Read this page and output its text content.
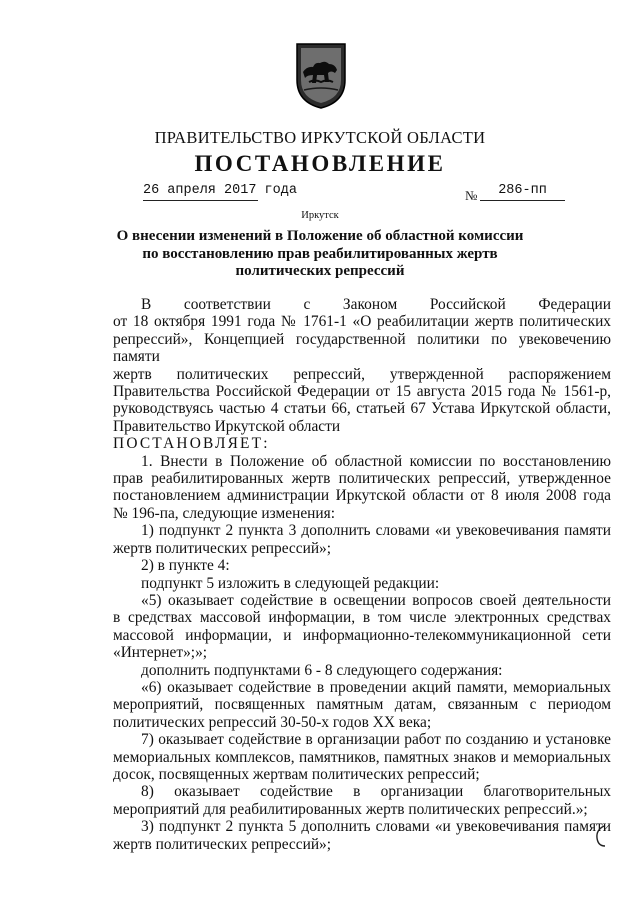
ПРАВИТЕЛЬСТВО ИРКУТСКОЙ ОБЛАСТИ
ПОСТАНОВЛЕНИЕ
26 апреля 2017 года	№	286-пп
Иркутск
О внесении изменений в Положение об областной комиссии
по восстановлению прав реабилитированных жертв
политических репрессий

В соответствии с Законом Российской Федерации

от 18 октября 1991 года № 1761-1 «О реабилитации жертв политических

репрессий», Концепцией государственной политики по увековечению памяти

жертв политических репрессий, утвержденной распоряжением

Правительства Российской Федерации от 15 августа 2015 года № 1561-р,

руководствуясь частью 4 статьи 66, статьей 67 Устава Иркутской области,

Правительство Иркутской области

ПОСТАНОВЛЯЕТ:

1. Внести в Положение об областной комиссии по восстановлению

прав реабилитированных жертв политических репрессий, утвержденное

постановлением администрации Иркутской области от 8 июля 2008 года

№ 196-па, следующие изменения:

1) подпункт 2 пункта 3 дополнить словами «и увековечивания памяти

жертв политических репрессий»;

2) в пункте 4:

подпункт 5 изложить в следующей редакции:

«5) оказывает содействие в освещении вопросов своей деятельности

в средствах массовой информации, в том числе электронных средствах

массовой информации, и информационно-телекоммуникационной сети

«Интернет»;»;

дополнить подпунктами 6 - 8 следующего содержания:

«6) оказывает содействие в проведении акций памяти, мемориальных

мероприятий, посвященных памятным датам, связанным с периодом

политических репрессий 30-50-х годов XX века;

7) оказывает содействие в организации работ по созданию и установке

мемориальных комплексов, памятников, памятных знаков и мемориальных

досок, посвященных жертвам политических репрессий;

8) оказывает содействие в организации благотворительных

мероприятий для реабилитированных жертв политических репрессий.»;

3) подпункт 2 пункта 5 дополнить словами «и увековечивания памяти

жертв политических репрессий»;
